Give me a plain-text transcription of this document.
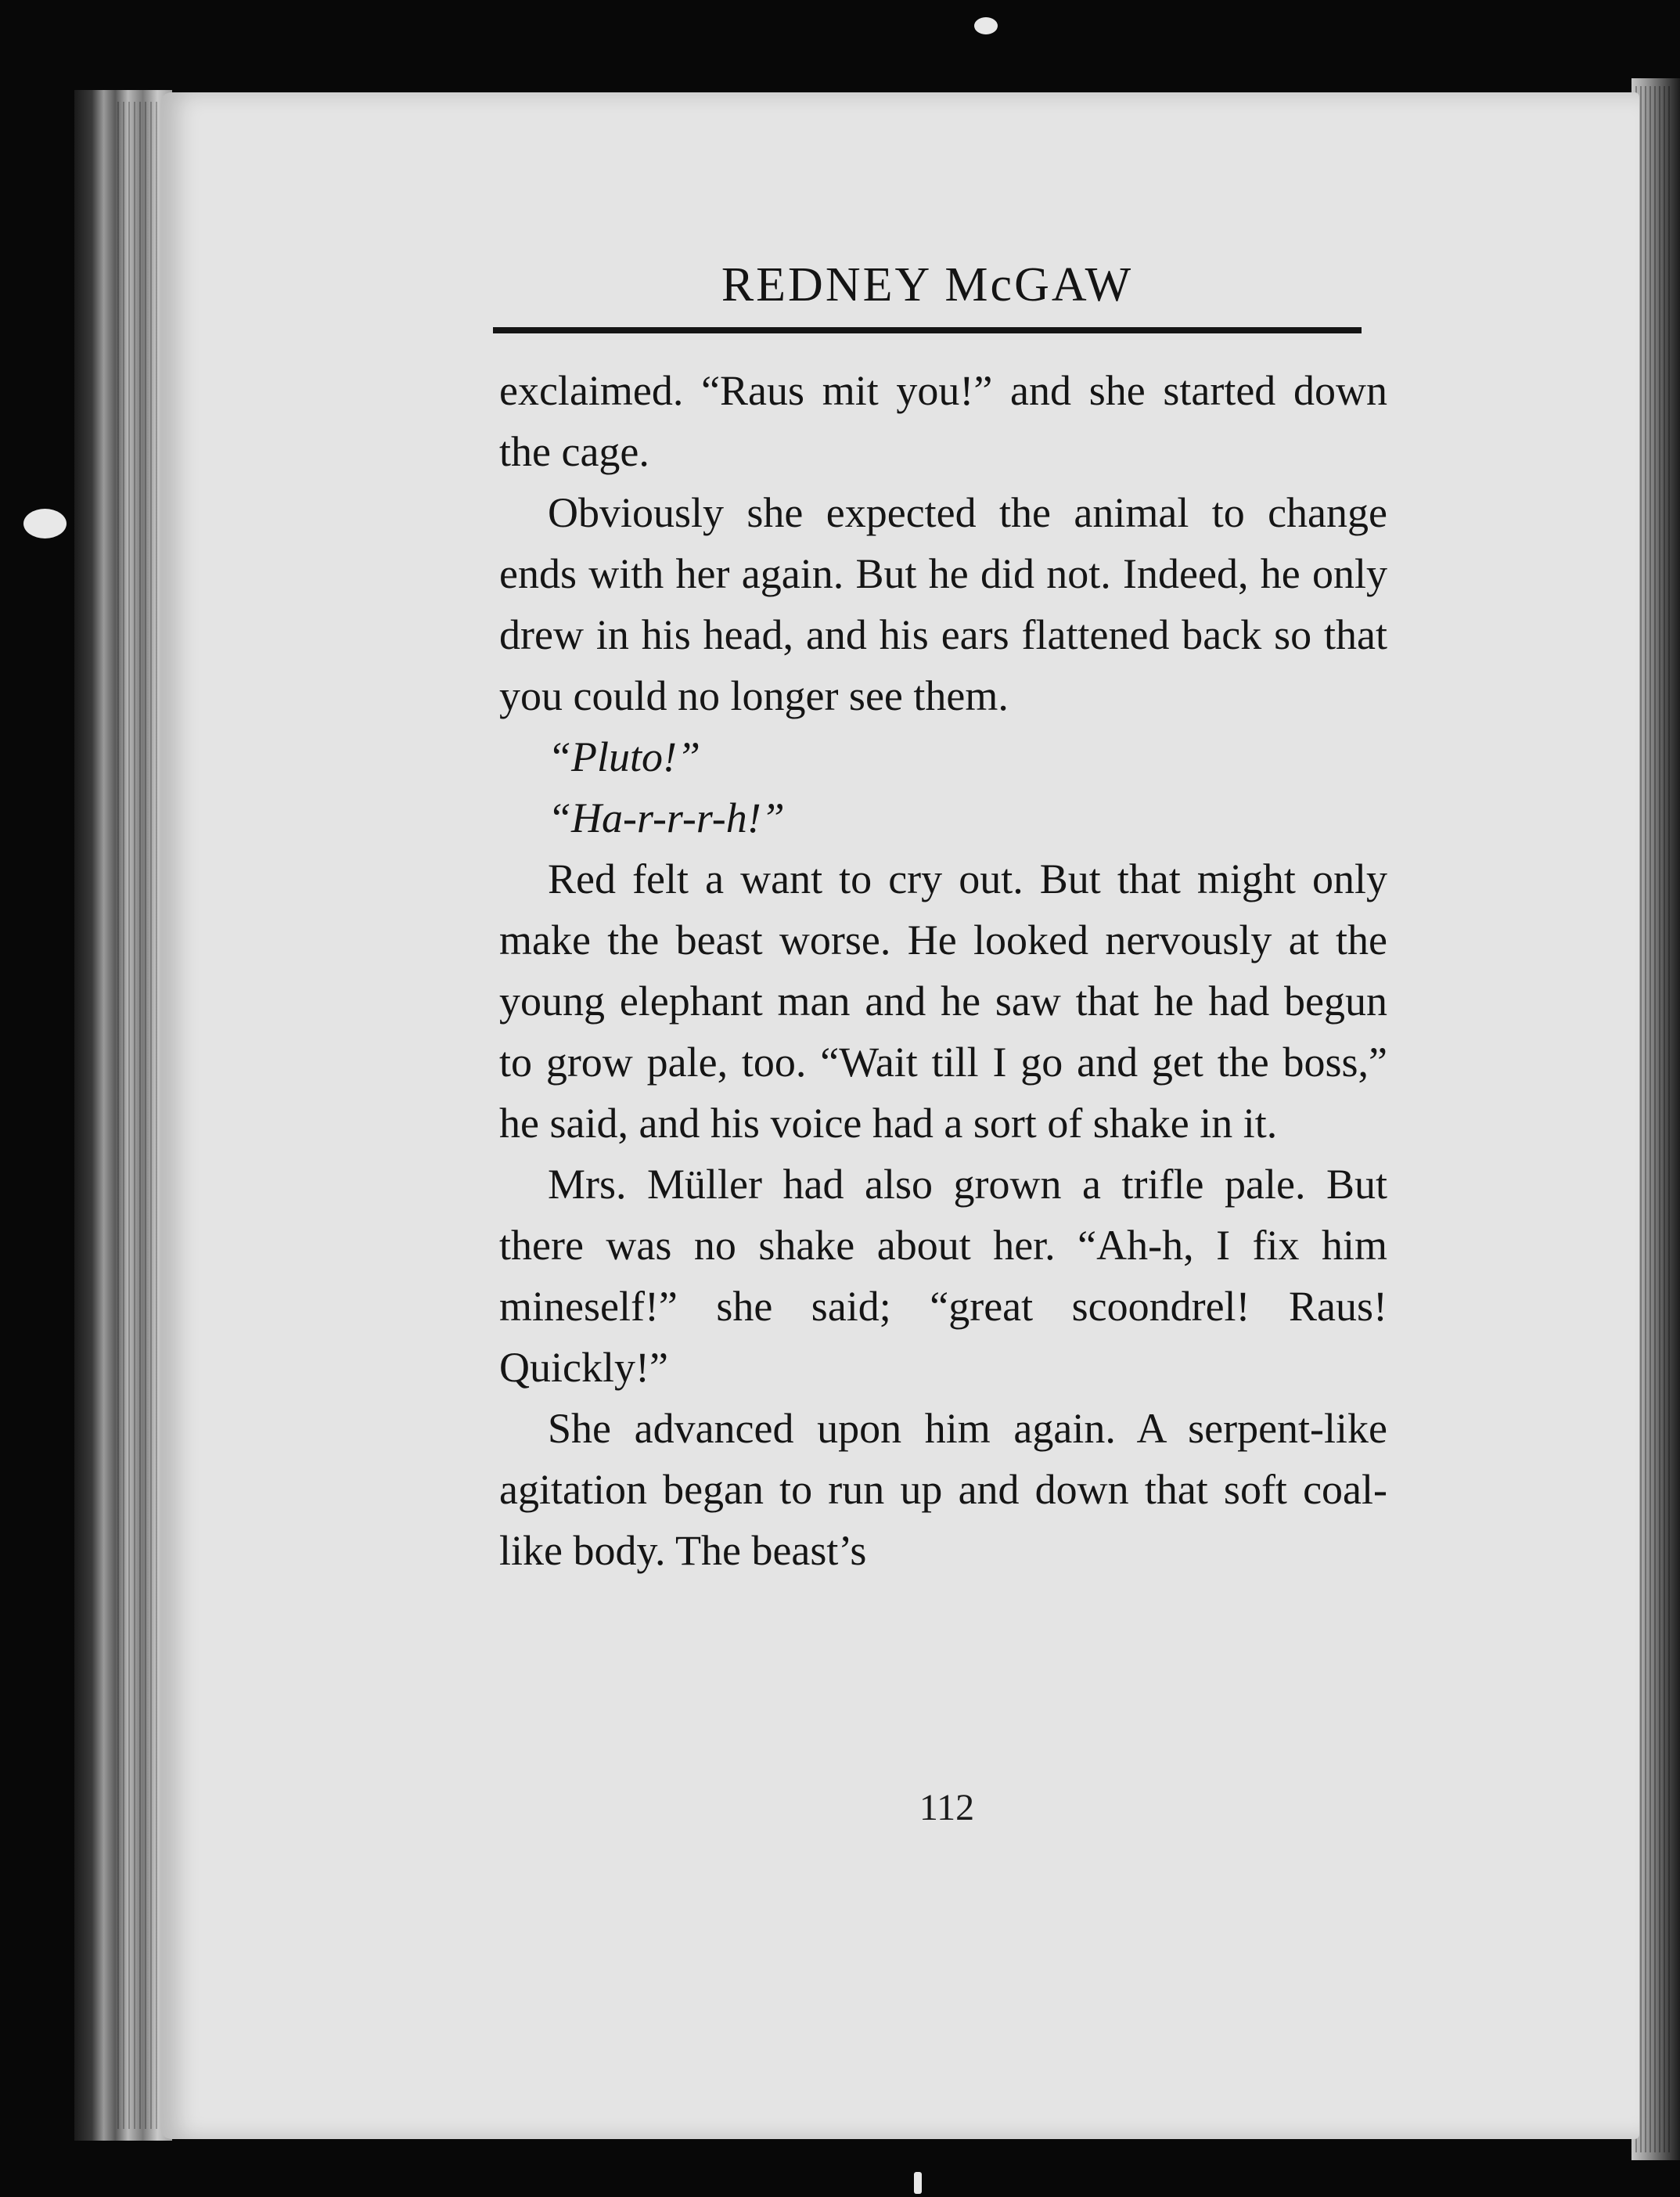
REDNEY McGAW

exclaimed. “Raus mit you!” and she started down the cage.

Obviously she expected the animal to change ends with her again. But he did not. Indeed, he only drew in his head, and his ears flattened back so that you could no longer see them.

“Pluto!”

“Ha-r-r-r-h!”

Red felt a want to cry out. But that might only make the beast worse. He looked nervously at the young elephant man and he saw that he had begun to grow pale, too. “Wait till I go and get the boss,” he said, and his voice had a sort of shake in it.

Mrs. Müller had also grown a trifle pale. But there was no shake about her. “Ah-h, I fix him mineself!” she said; “great scoondrel! Raus! Quickly!”

She advanced upon him again. A serpent-like agitation began to run up and down that soft coal-like body. The beast’s

112
